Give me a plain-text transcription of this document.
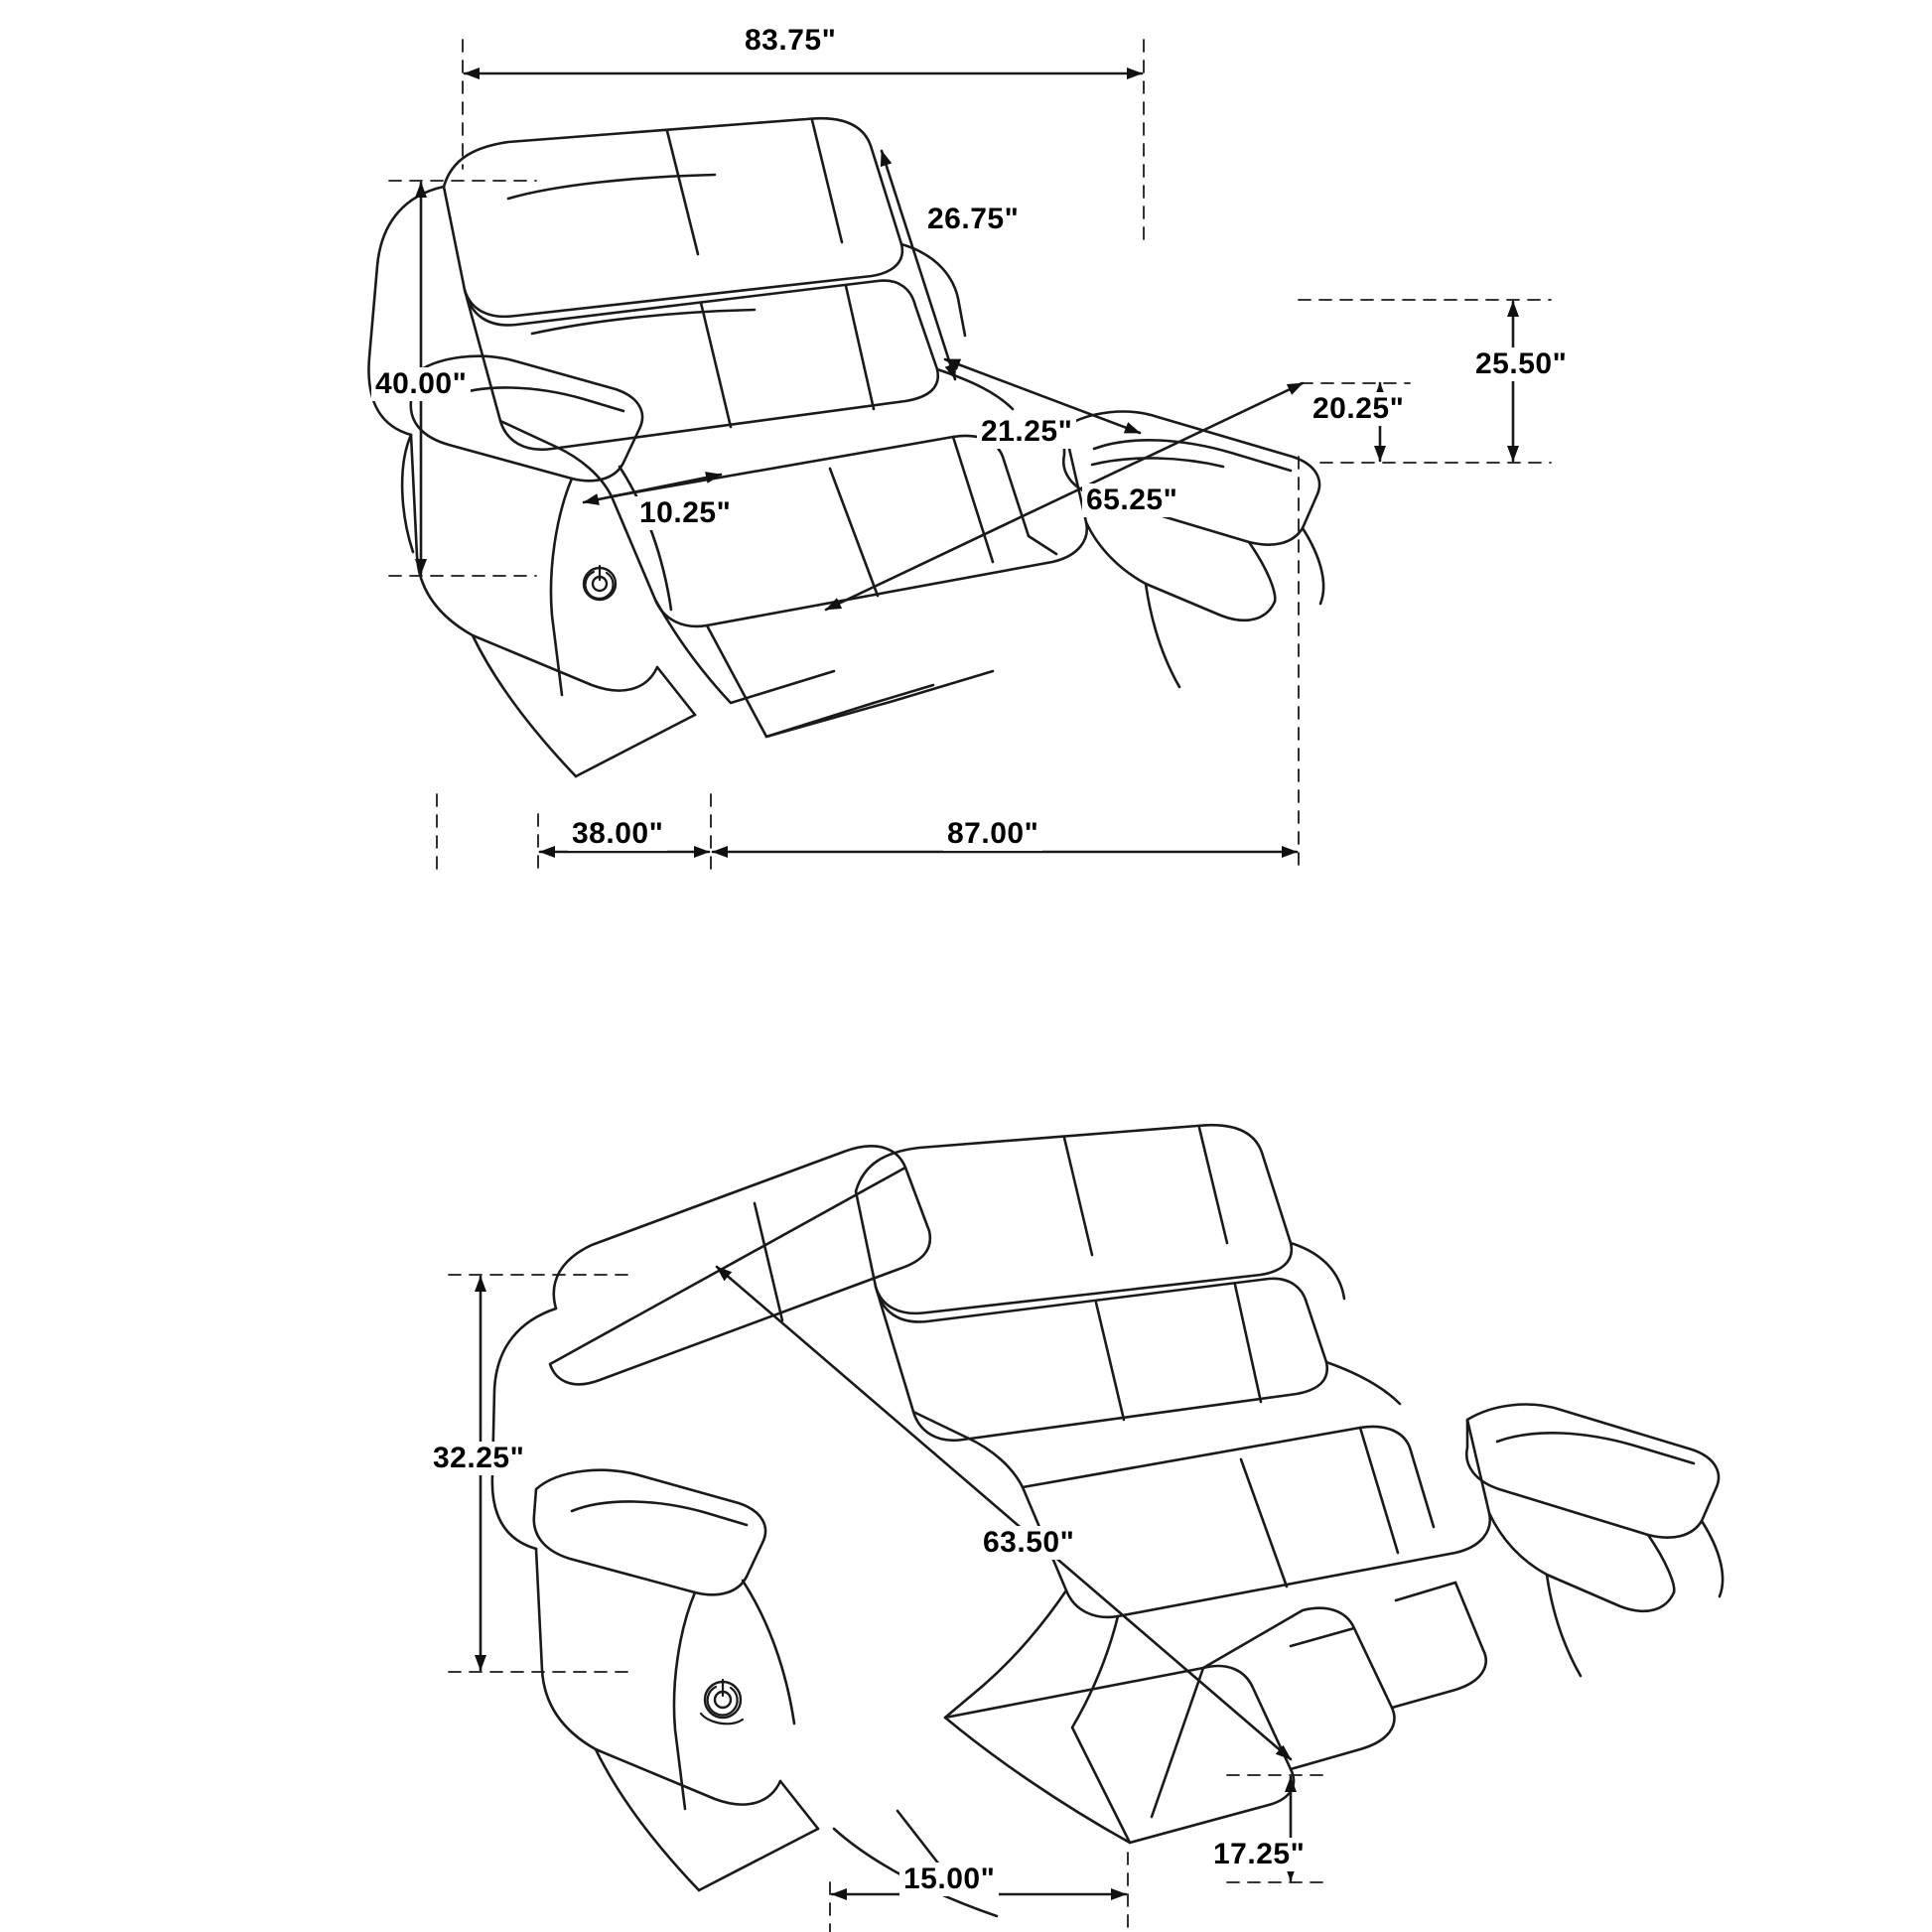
83.75"
26.75"
40.00"
21.25"
10.25"	65.25"
25.50"
20.25"
38.00"	87.00"
32.25"
63.50"
17.25"
15.00"
